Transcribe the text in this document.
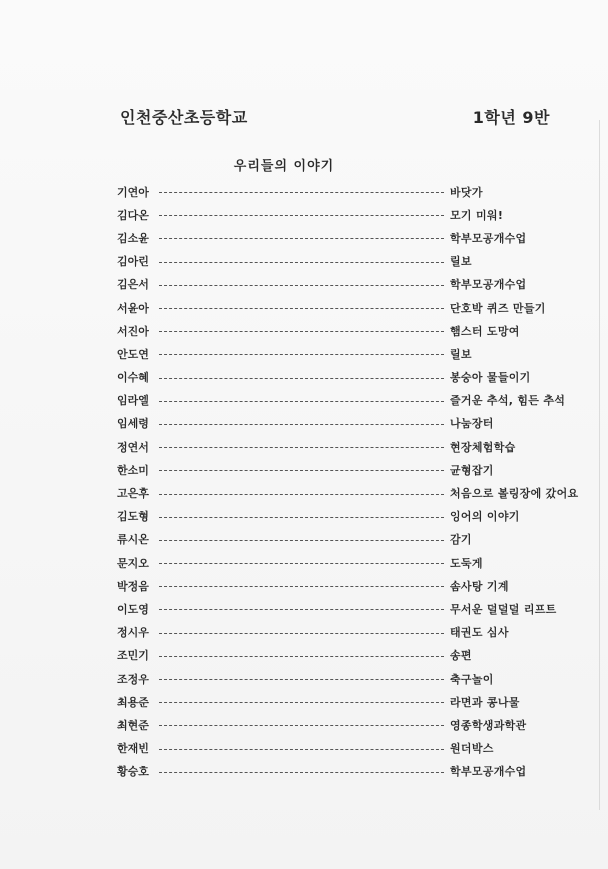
인천중산초등학교	1학년 9반
우리들의 이야기
기연아	바닷가
김다온	모기 미워!
김소윤	학부모공개수업
김아린	릴보
김은서	학부모공개수업
서윤아	단호박 퀴즈 만들기
서진아	햄스터 도망여
안도연	릴보
이수혜	봉숭아 물들이기
임라엘	즐거운 추석, 힘든 추석
임세령	나눔장터
정연서	현장체험학습
한소미	균형잡기
고은후	처음으로 볼링장에 갔어요
김도형	잉어의 이야기
류시온	감기
문지오	도둑게
박정음	솜사탕 기계
이도영	무서운 덜덜덜 리프트
정시우	태권도 심사
조민기	송편
조정우	축구놀이
최용준	라면과 콩나물
최현준	영종학생과학관
한재빈	원더박스
황승호	학부모공개수업
